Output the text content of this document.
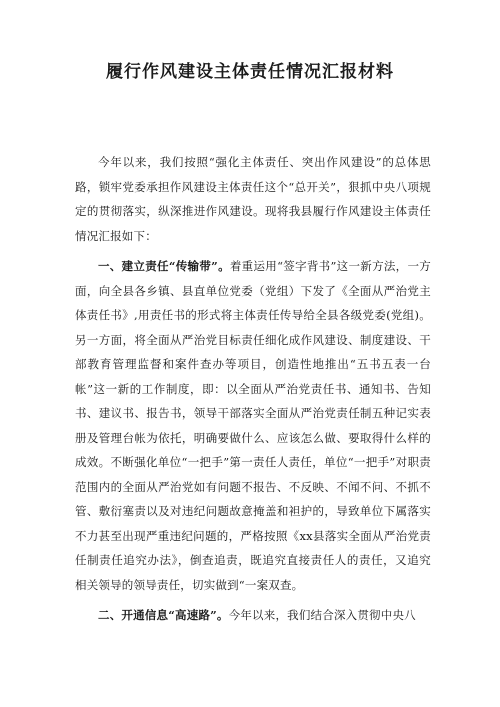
履行作风建设主体责任情况汇报材料

今年以来，我们按照“强化主体责任、突出作风建设”的总体思路，锁牢党委承担作风建设主体责任这个“总开关”，狠抓中央八项规定的贯彻落实，纵深推进作风建设。现将我县履行作风建设主体责任情况汇报如下：

一、建立责任“传输带”。着重运用“签字背书”这一新方法，一方面，向全县各乡镇、县直单位党委（党组）下发了《全面从严治党主体责任书》,用责任书的形式将主体责任传导给全县各级党委(党组)。另一方面，将全面从严治党目标责任细化成作风建设、制度建设、干部教育管理监督和案件查办等项目，创造性地推出“五书五表一台帐”这一新的工作制度，即：以全面从严治党责任书、通知书、告知书、建议书、报告书，领导干部落实全面从严治党责任制五种记实表册及管理台帐为依托，明确要做什么、应该怎么做、要取得什么样的成效。不断强化单位“一把手”第一责任人责任，单位“一把手”对职责范围内的全面从严治党如有问题不报告、不反映、不闻不问、不抓不管、敷衍塞责以及对违纪问题故意掩盖和袒护的，导致单位下属落实不力甚至出现严重违纪问题的，严格按照《xx县落实全面从严治党责任制责任追究办法》，倒查追责，既追究直接责任人的责任，又追究相关领导的领导责任，切实做到“一案双查。

二、开通信息“高速路”。今年以来，我们结合深入贯彻中央八
